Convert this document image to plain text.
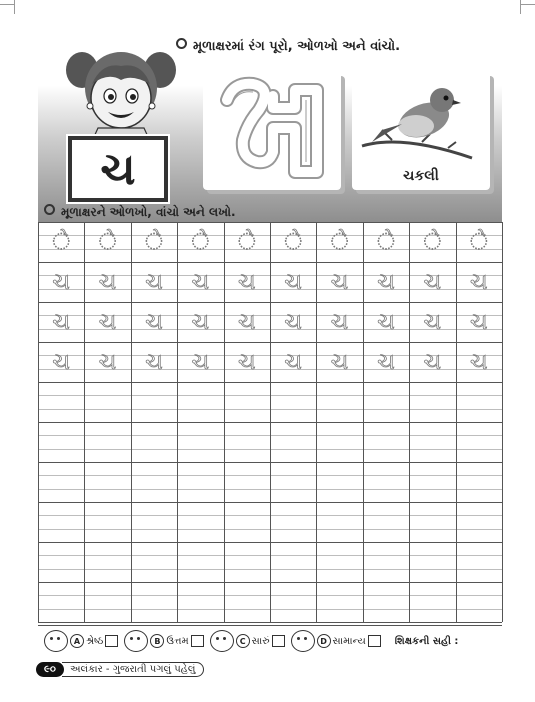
મૂળાક્ષરમાં રંગ પૂરો, ઓળખો અને વાંચો.
ચ	ચકલી
મૂળાક્ષરને ઓળખો, વાંચો અને લખો.
ે	ે	ે	ે	ે	ે	ે	ે	ે	ે
ચ	ચ	ચ	ચ	ચ	ચ	ચ	ચ	ચ	ચ
ચ	ચ	ચ	ચ	ચ	ચ	ચ	ચ	ચ	ચ
ચ	ચ	ચ	ચ	ચ	ચ	ચ	ચ	ચ	ચ
A શ્રેષ્ઠ	B ઉત્તમ	C સારું	D સામાન્ય	શિક્ષકની સહી :
૯૦	અલંકાર - ગુજરાતી પગલું પહેલું
